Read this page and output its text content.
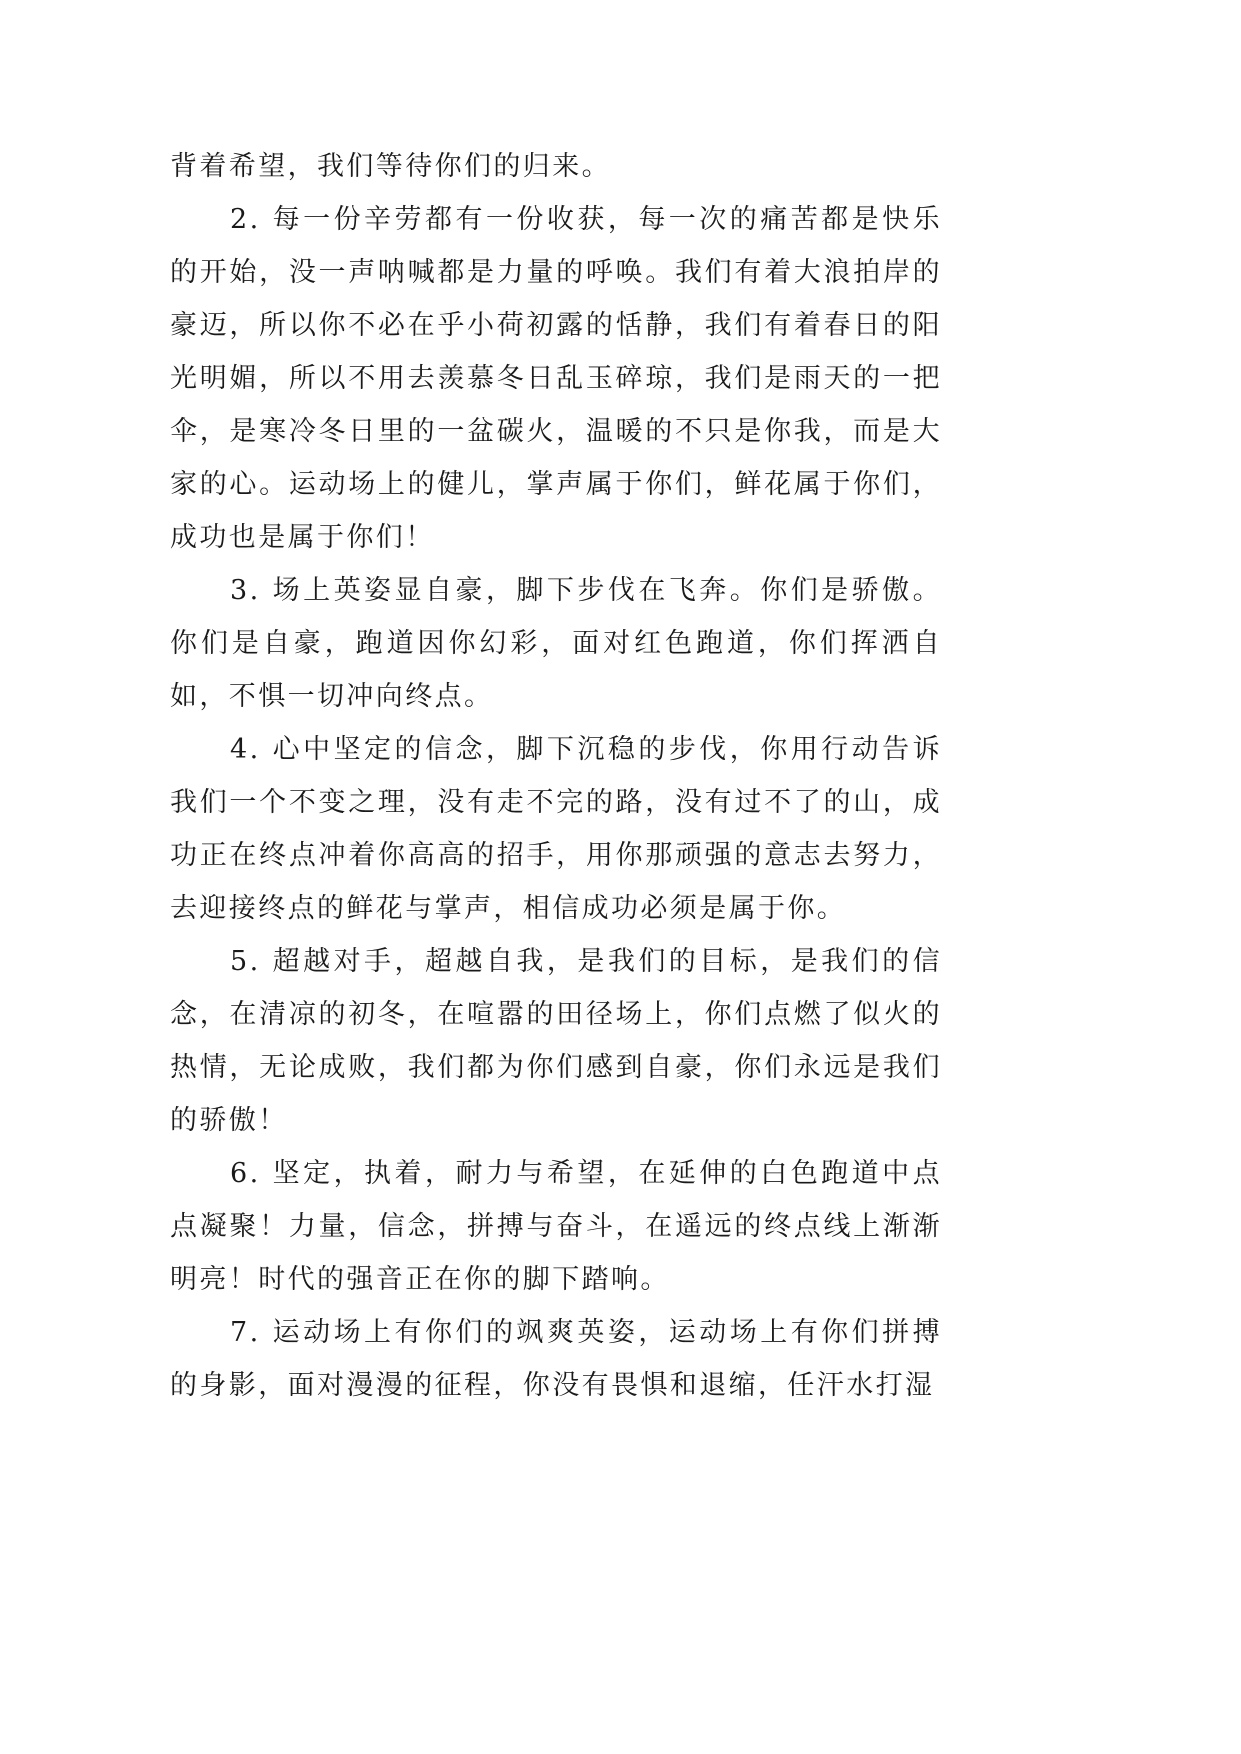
背着希望，我们等待你们的归来。

2. 每一份辛劳都有一份收获，每一次的痛苦都是快乐的开始，没一声呐喊都是力量的呼唤。我们有着大浪拍岸的豪迈，所以你不必在乎小荷初露的恬静，我们有着春日的阳光明媚，所以不用去羡慕冬日乱玉碎琼，我们是雨天的一把伞，是寒冷冬日里的一盆碳火，温暖的不只是你我，而是大家的心。运动场上的健儿，掌声属于你们，鲜花属于你们，成功也是属于你们！

3. 场上英姿显自豪，脚下步伐在飞奔。你们是骄傲。你们是自豪，跑道因你幻彩，面对红色跑道，你们挥洒自如，不惧一切冲向终点。

4. 心中坚定的信念，脚下沉稳的步伐，你用行动告诉我们一个不变之理，没有走不完的路，没有过不了的山，成功正在终点冲着你高高的招手，用你那顽强的意志去努力，去迎接终点的鲜花与掌声，相信成功必须是属于你。

5. 超越对手，超越自我，是我们的目标，是我们的信念，在清凉的初冬，在喧嚣的田径场上，你们点燃了似火的热情，无论成败，我们都为你们感到自豪，你们永远是我们的骄傲！

6. 坚定，执着，耐力与希望，在延伸的白色跑道中点点凝聚！力量，信念，拼搏与奋斗，在遥远的终点线上渐渐明亮！时代的强音正在你的脚下踏响。

7. 运动场上有你们的飒爽英姿，运动场上有你们拼搏的身影，面对漫漫的征程，你没有畏惧和退缩，任汗水打湿
